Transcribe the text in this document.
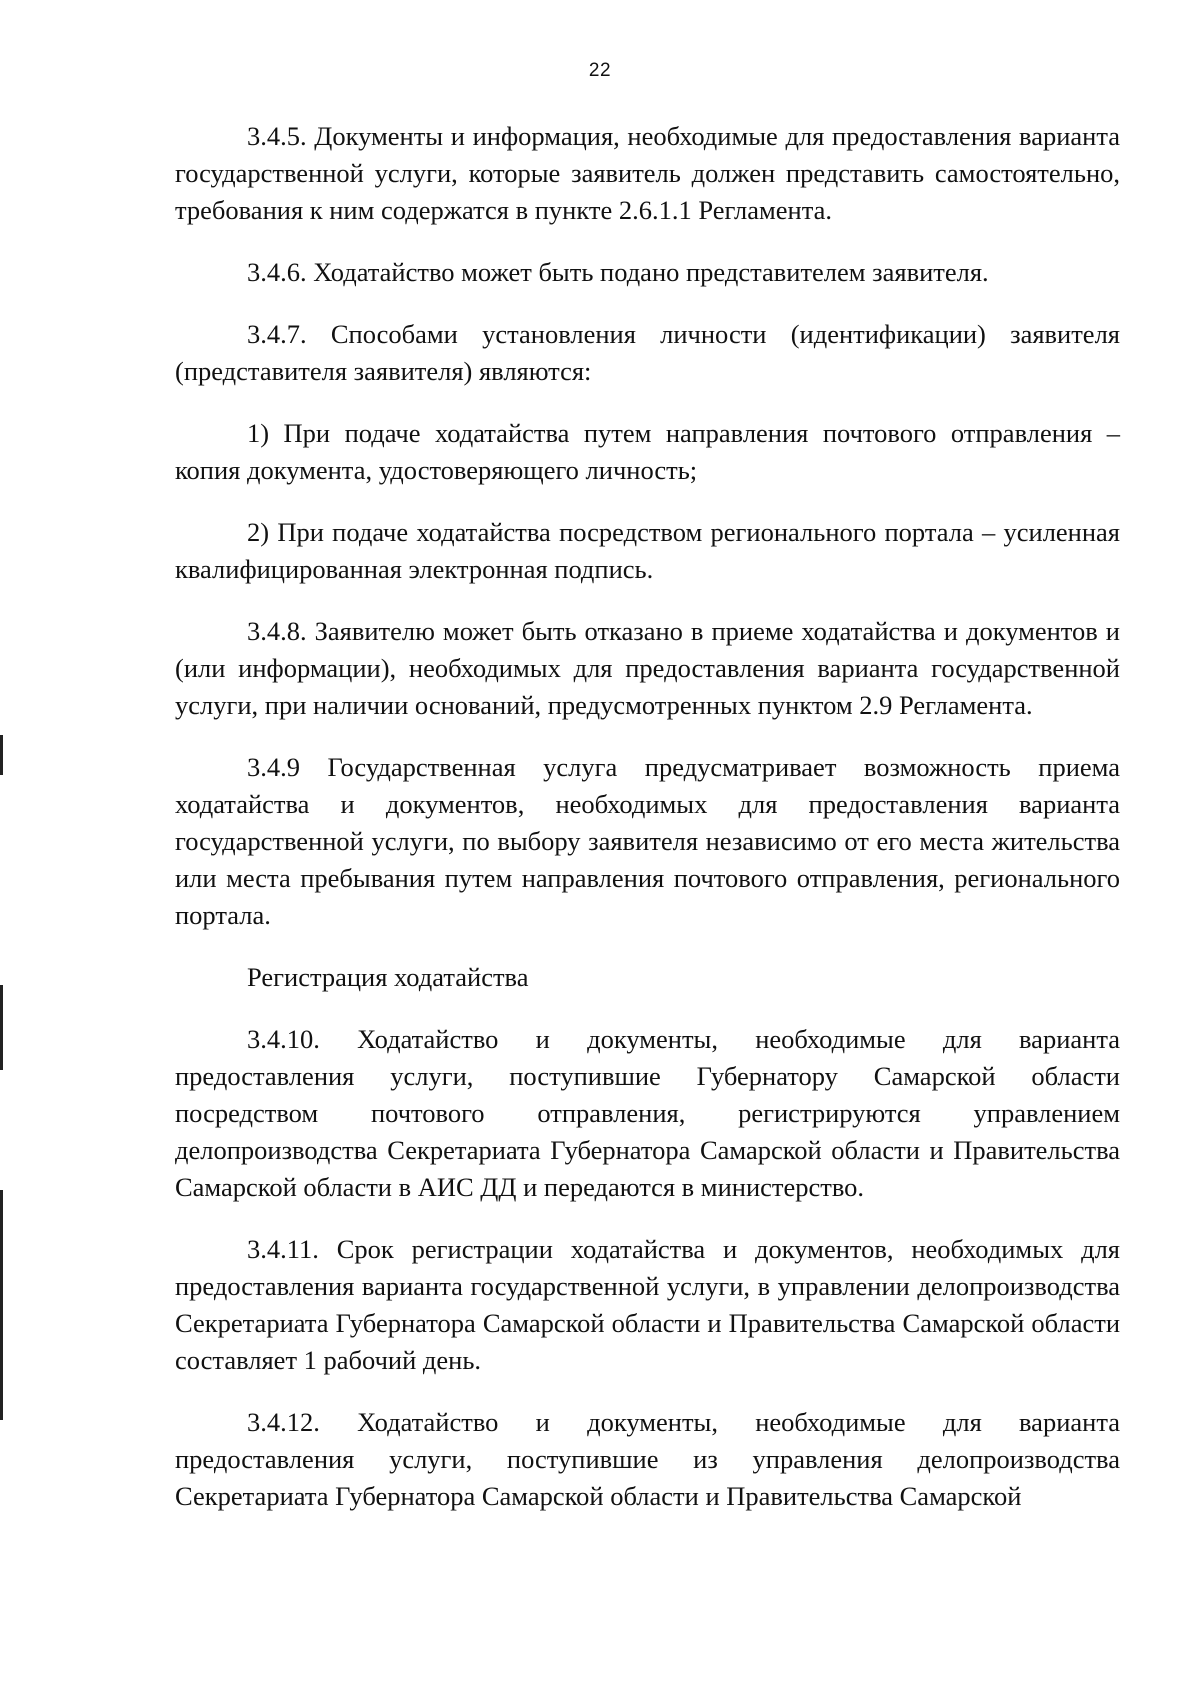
22

3.4.5. Документы и информация, необходимые для предоставления варианта государственной услуги, которые заявитель должен представить самостоятельно, требования к ним содержатся в пункте 2.6.1.1 Регламента.

3.4.6. Ходатайство может быть подано представителем заявителя.

3.4.7. Способами установления личности (идентификации) заявителя (представителя заявителя) являются:

1) При подаче ходатайства путем направления почтового отправления – копия документа, удостоверяющего личность;

2) При подаче ходатайства посредством регионального портала – усиленная квалифицированная электронная подпись.

3.4.8. Заявителю может быть отказано в приеме ходатайства и документов и (или информации), необходимых для предоставления варианта государственной услуги, при наличии оснований, предусмотренных пунктом 2.9 Регламента.

3.4.9 Государственная услуга предусматривает возможность приема ходатайства и документов, необходимых для предоставления варианта государственной услуги, по выбору заявителя независимо от его места жительства или места пребывания путем направления почтового отправления, регионального портала.

Регистрация ходатайства

3.4.10. Ходатайство и документы, необходимые для варианта предоставления услуги, поступившие Губернатору Самарской области посредством почтового отправления, регистрируются управлением делопроизводства Секретариата Губернатора Самарской области и Правительства Самарской области в АИС ДД и передаются в министерство.

3.4.11. Срок регистрации ходатайства и документов, необходимых для предоставления варианта государственной услуги, в управлении делопроизводства Секретариата Губернатора Самарской области и Правительства Самарской области составляет 1 рабочий день.

3.4.12. Ходатайство и документы, необходимые для варианта предоставления услуги, поступившие из управления делопроизводства Секретариата Губернатора Самарской области и Правительства Самарской
